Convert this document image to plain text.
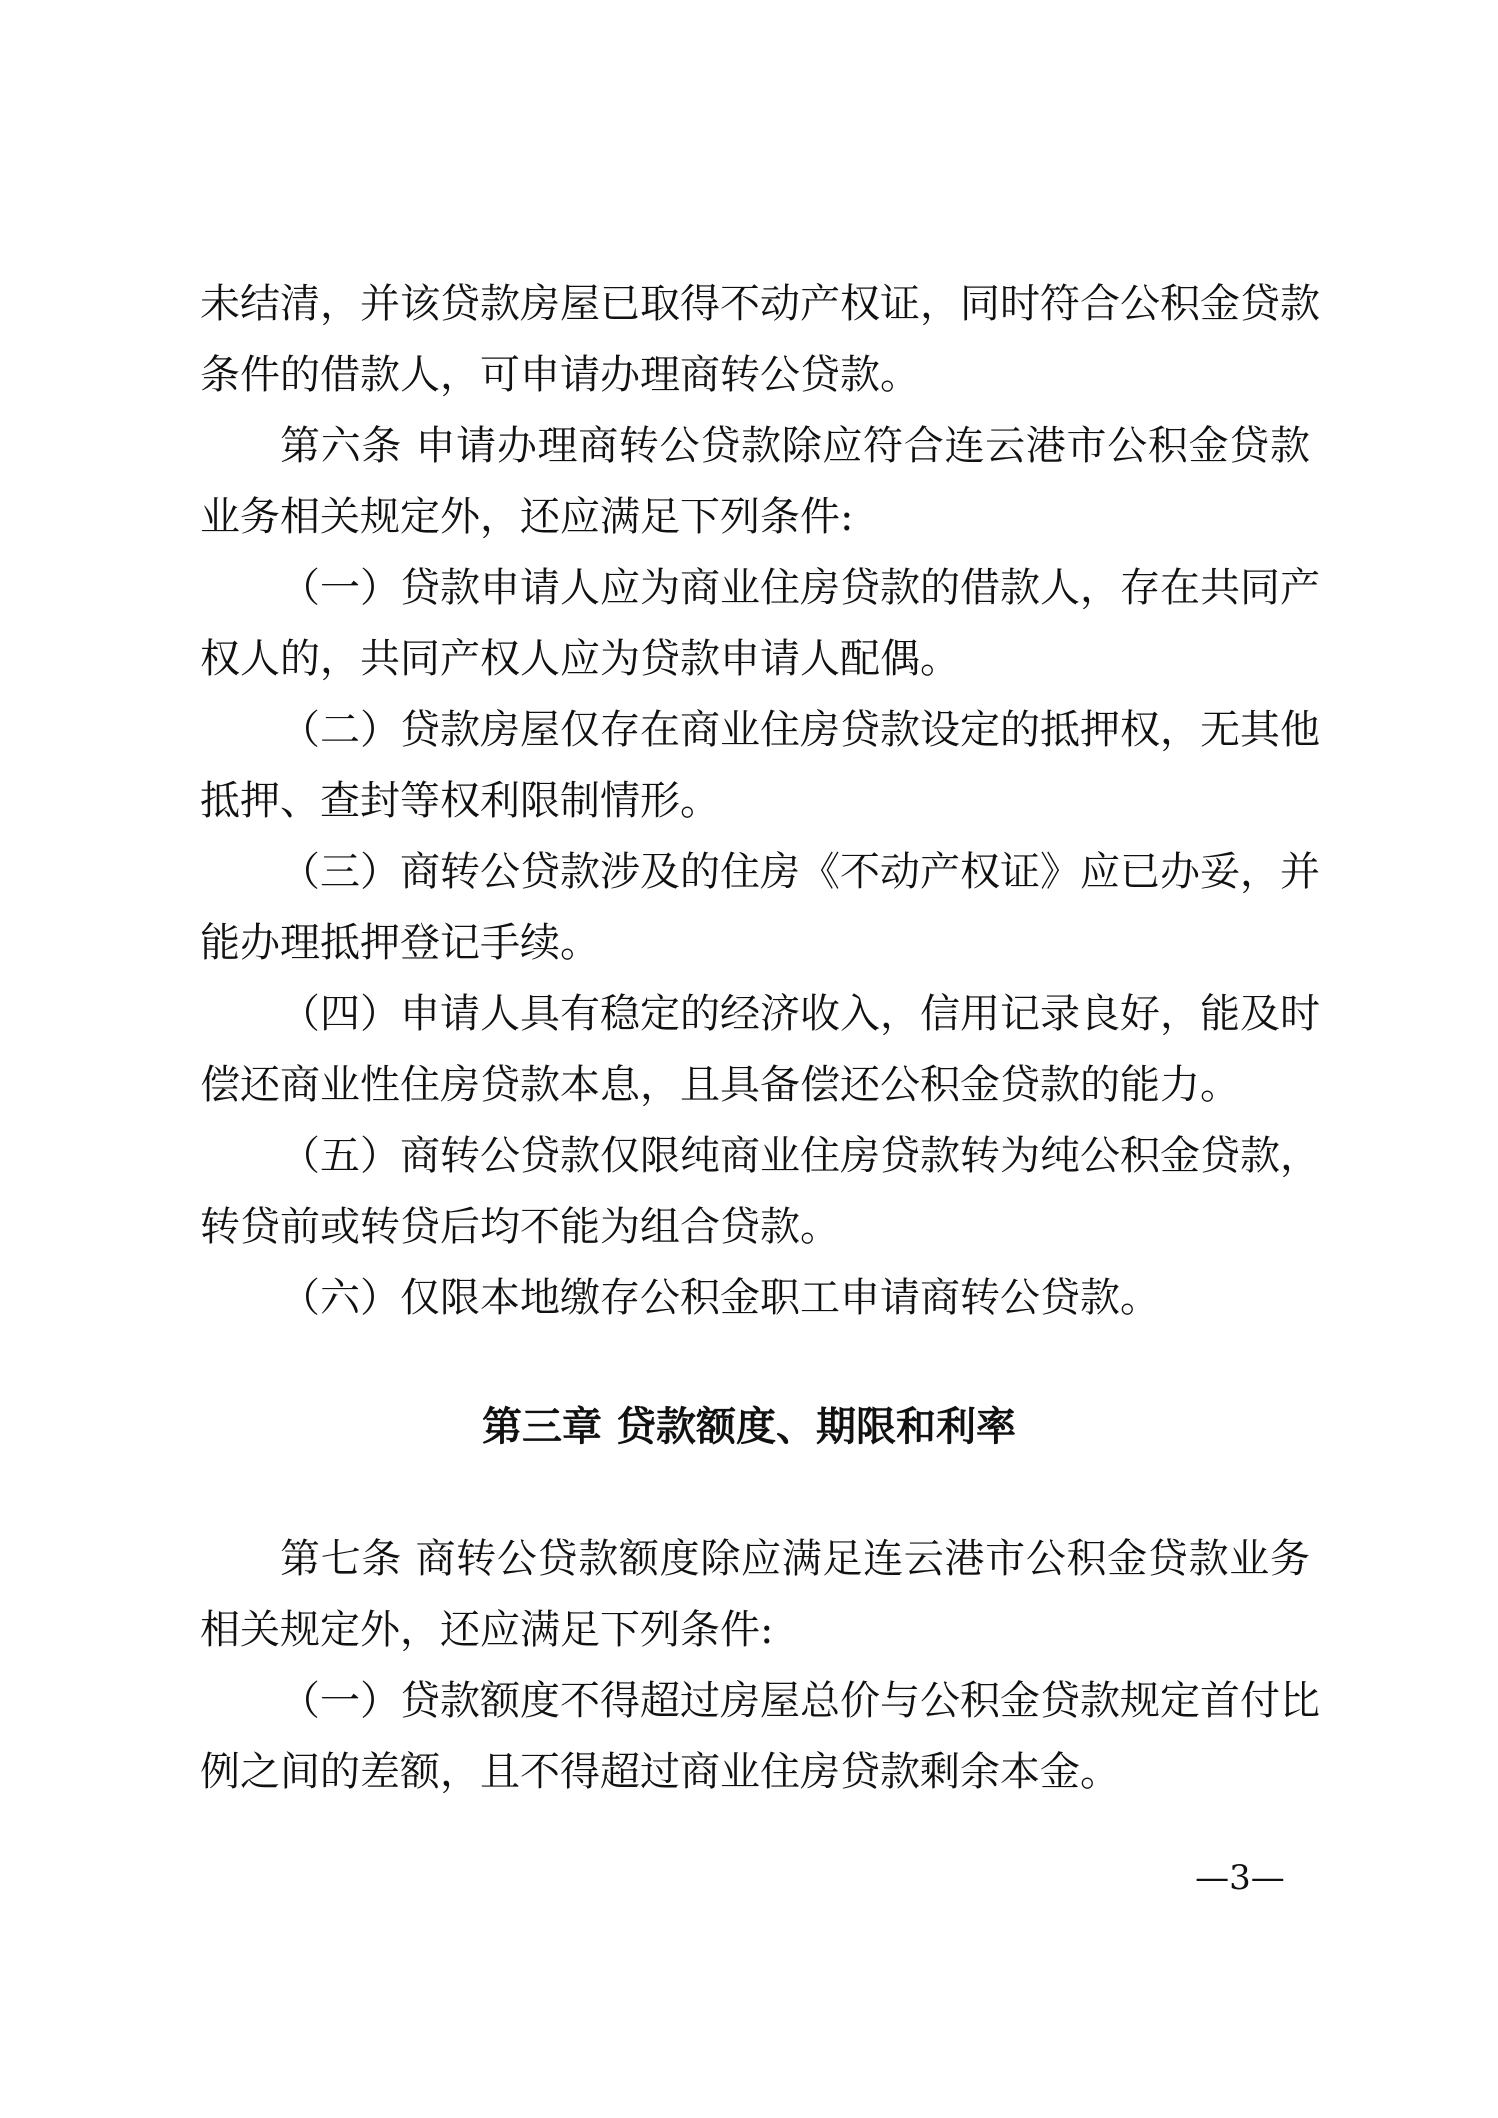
未结清，并该贷款房屋已取得不动产权证，同时符合公积金贷款
条件的借款人，可申请办理商转公贷款。
第六条 申请办理商转公贷款除应符合连云港市公积金贷款
业务相关规定外，还应满足下列条件:
（一）贷款申请人应为商业住房贷款的借款人，存在共同产
权人的，共同产权人应为贷款申请人配偶。
（二）贷款房屋仅存在商业住房贷款设定的抵押权，无其他
抵押、查封等权利限制情形。
（三）商转公贷款涉及的住房《不动产权证》应已办妥，并
能办理抵押登记手续。
（四）申请人具有稳定的经济收入，信用记录良好，能及时
偿还商业性住房贷款本息，且具备偿还公积金贷款的能力。
（五）商转公贷款仅限纯商业住房贷款转为纯公积金贷款，
转贷前或转贷后均不能为组合贷款。
（六）仅限本地缴存公积金职工申请商转公贷款。
第三章 贷款额度、期限和利率
第七条 商转公贷款额度除应满足连云港市公积金贷款业务
相关规定外，还应满足下列条件:
（一）贷款额度不得超过房屋总价与公积金贷款规定首付比
例之间的差额，且不得超过商业住房贷款剩余本金。
—3—
